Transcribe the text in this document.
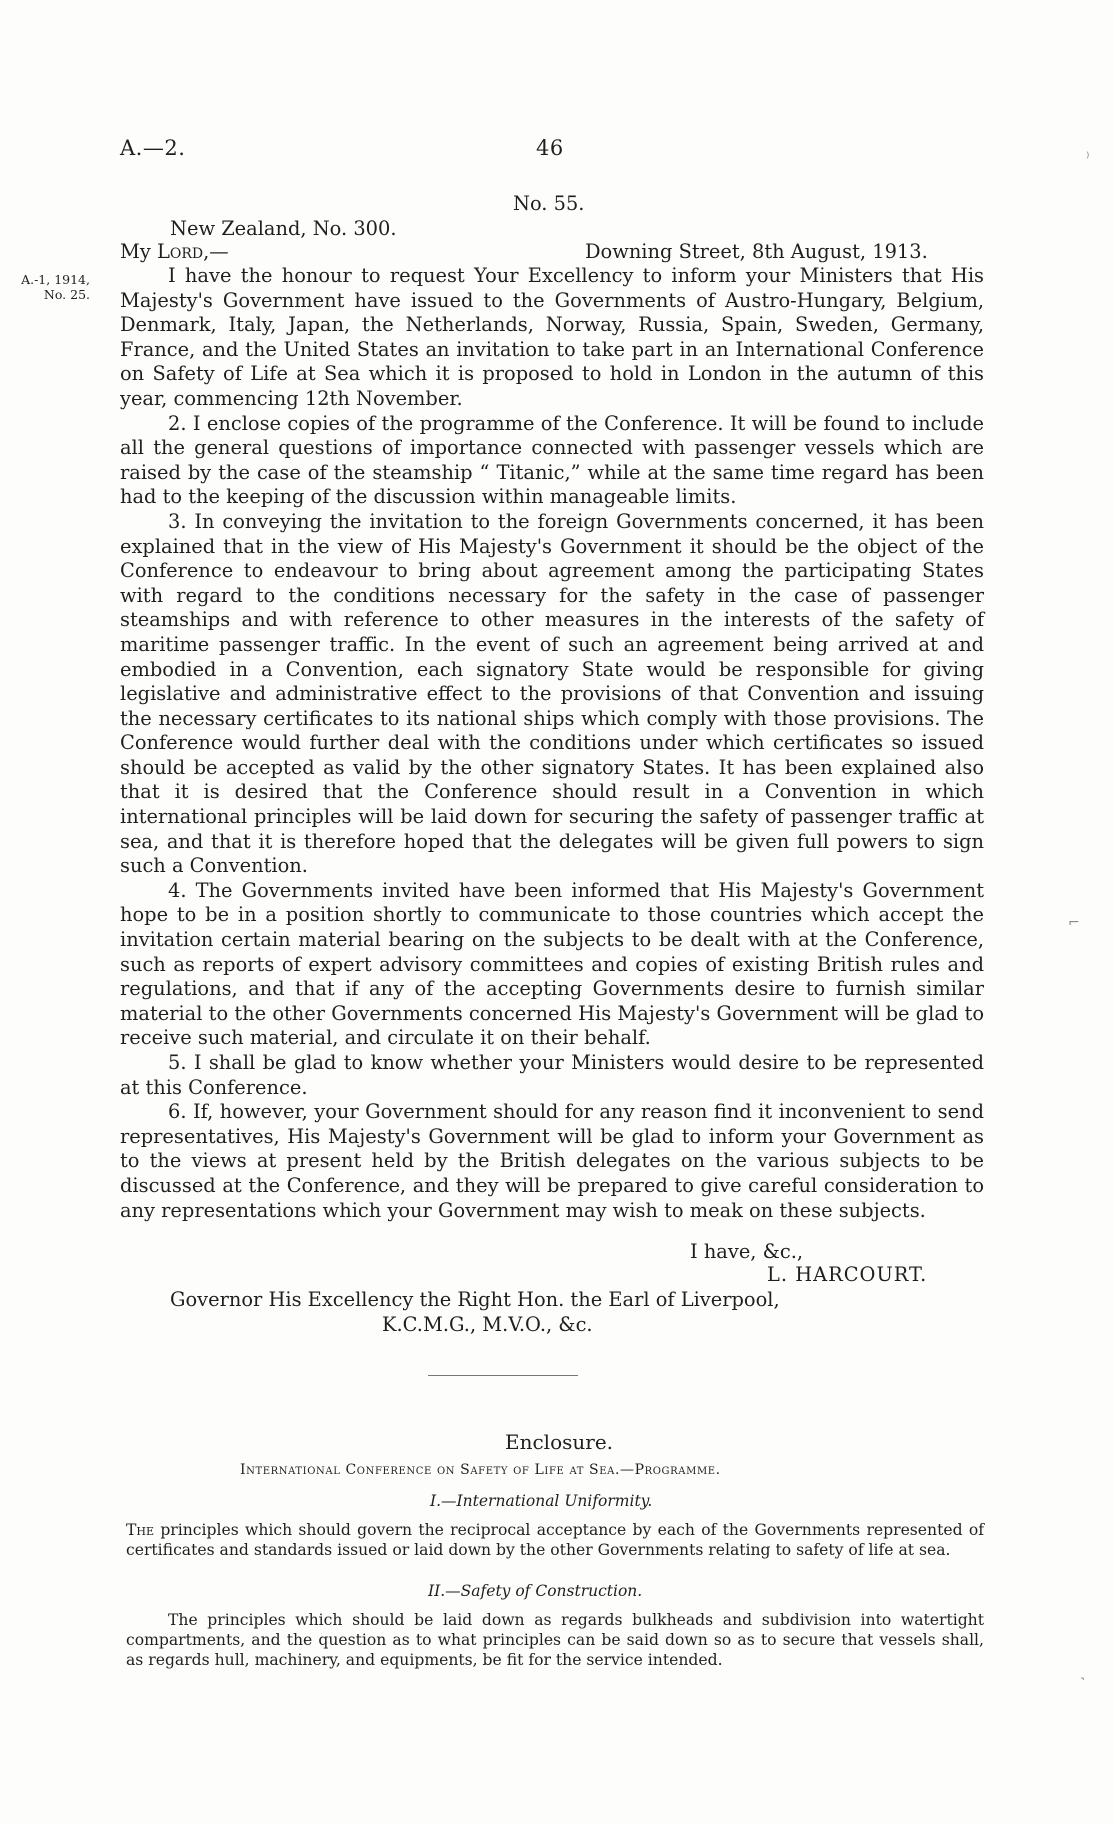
A.—2.	46
No. 55.
New Zealand, No. 300.
My Lord,—	Downing Street, 8th August, 1913.
A.-1, 1914,
No. 25.

I have the honour to request Your Excellency to inform your Ministers that His Majesty's Government have issued to the Governments of Austro-Hungary, Belgium, Denmark, Italy, Japan, the Netherlands, Norway, Russia, Spain, Sweden, Germany, France, and the United States an invitation to take part in an International Conference on Safety of Life at Sea which it is proposed to hold in London in the autumn of this year, commencing 12th November.

2. I enclose copies of the programme of the Conference. It will be found to include all the general questions of importance connected with passenger vessels which are raised by the case of the steamship “ Titanic,” while at the same time regard has been had to the keeping of the discussion within manageable limits.

3. In conveying the invitation to the foreign Governments concerned, it has been explained that in the view of His Majesty's Government it should be the object of the Conference to endeavour to bring about agreement among the participating States with regard to the conditions necessary for the safety in the case of passenger steamships and with reference to other measures in the interests of the safety of maritime passenger traffic. In the event of such an agreement being arrived at and embodied in a Convention, each signatory State would be responsible for giving legislative and administrative effect to the provisions of that Convention and issuing the necessary certificates to its national ships which comply with those provisions. The Conference would further deal with the conditions under which certificates so issued should be accepted as valid by the other signatory States. It has been explained also that it is desired that the Conference should result in a Convention in which international principles will be laid down for securing the safety of passenger traffic at sea, and that it is therefore hoped that the delegates will be given full powers to sign such a Convention.

4. The Governments invited have been informed that His Majesty's Government hope to be in a position shortly to communicate to those countries which accept the invitation certain material bearing on the subjects to be dealt with at the Conference, such as reports of expert advisory committees and copies of existing British rules and regulations, and that if any of the accepting Governments desire to furnish similar material to the other Governments concerned His Majesty's Government will be glad to receive such material, and circulate it on their behalf.

5. I shall be glad to know whether your Ministers would desire to be represented at this Conference.

6. If, however, your Government should for any reason find it inconvenient to send representatives, His Majesty's Government will be glad to inform your Government as to the views at present held by the British delegates on the various subjects to be discussed at the Conference, and they will be prepared to give careful consideration to any representations which your Government may wish to meak on these subjects.

I have, &c.,
L. HARCOURT.
Governor His Excellency the Right Hon. the Earl of Liverpool,
K.C.M.G., M.V.O., &c.
Enclosure.
International Conference on Safety of Life at Sea.—Programme.
I.—International Uniformity.

The principles which should govern the reciprocal acceptance by each of the Governments represented of certificates and standards issued or laid down by the other Governments relating to safety of life at sea.

II.—Safety of Construction.

The principles which should be laid down as regards bulkheads and subdivision into watertight compartments, and the question as to what principles can be said down so as to secure that vessels shall, as regards hull, machinery, and equipments, be fit for the service intended.

⁾
⌐
˺
